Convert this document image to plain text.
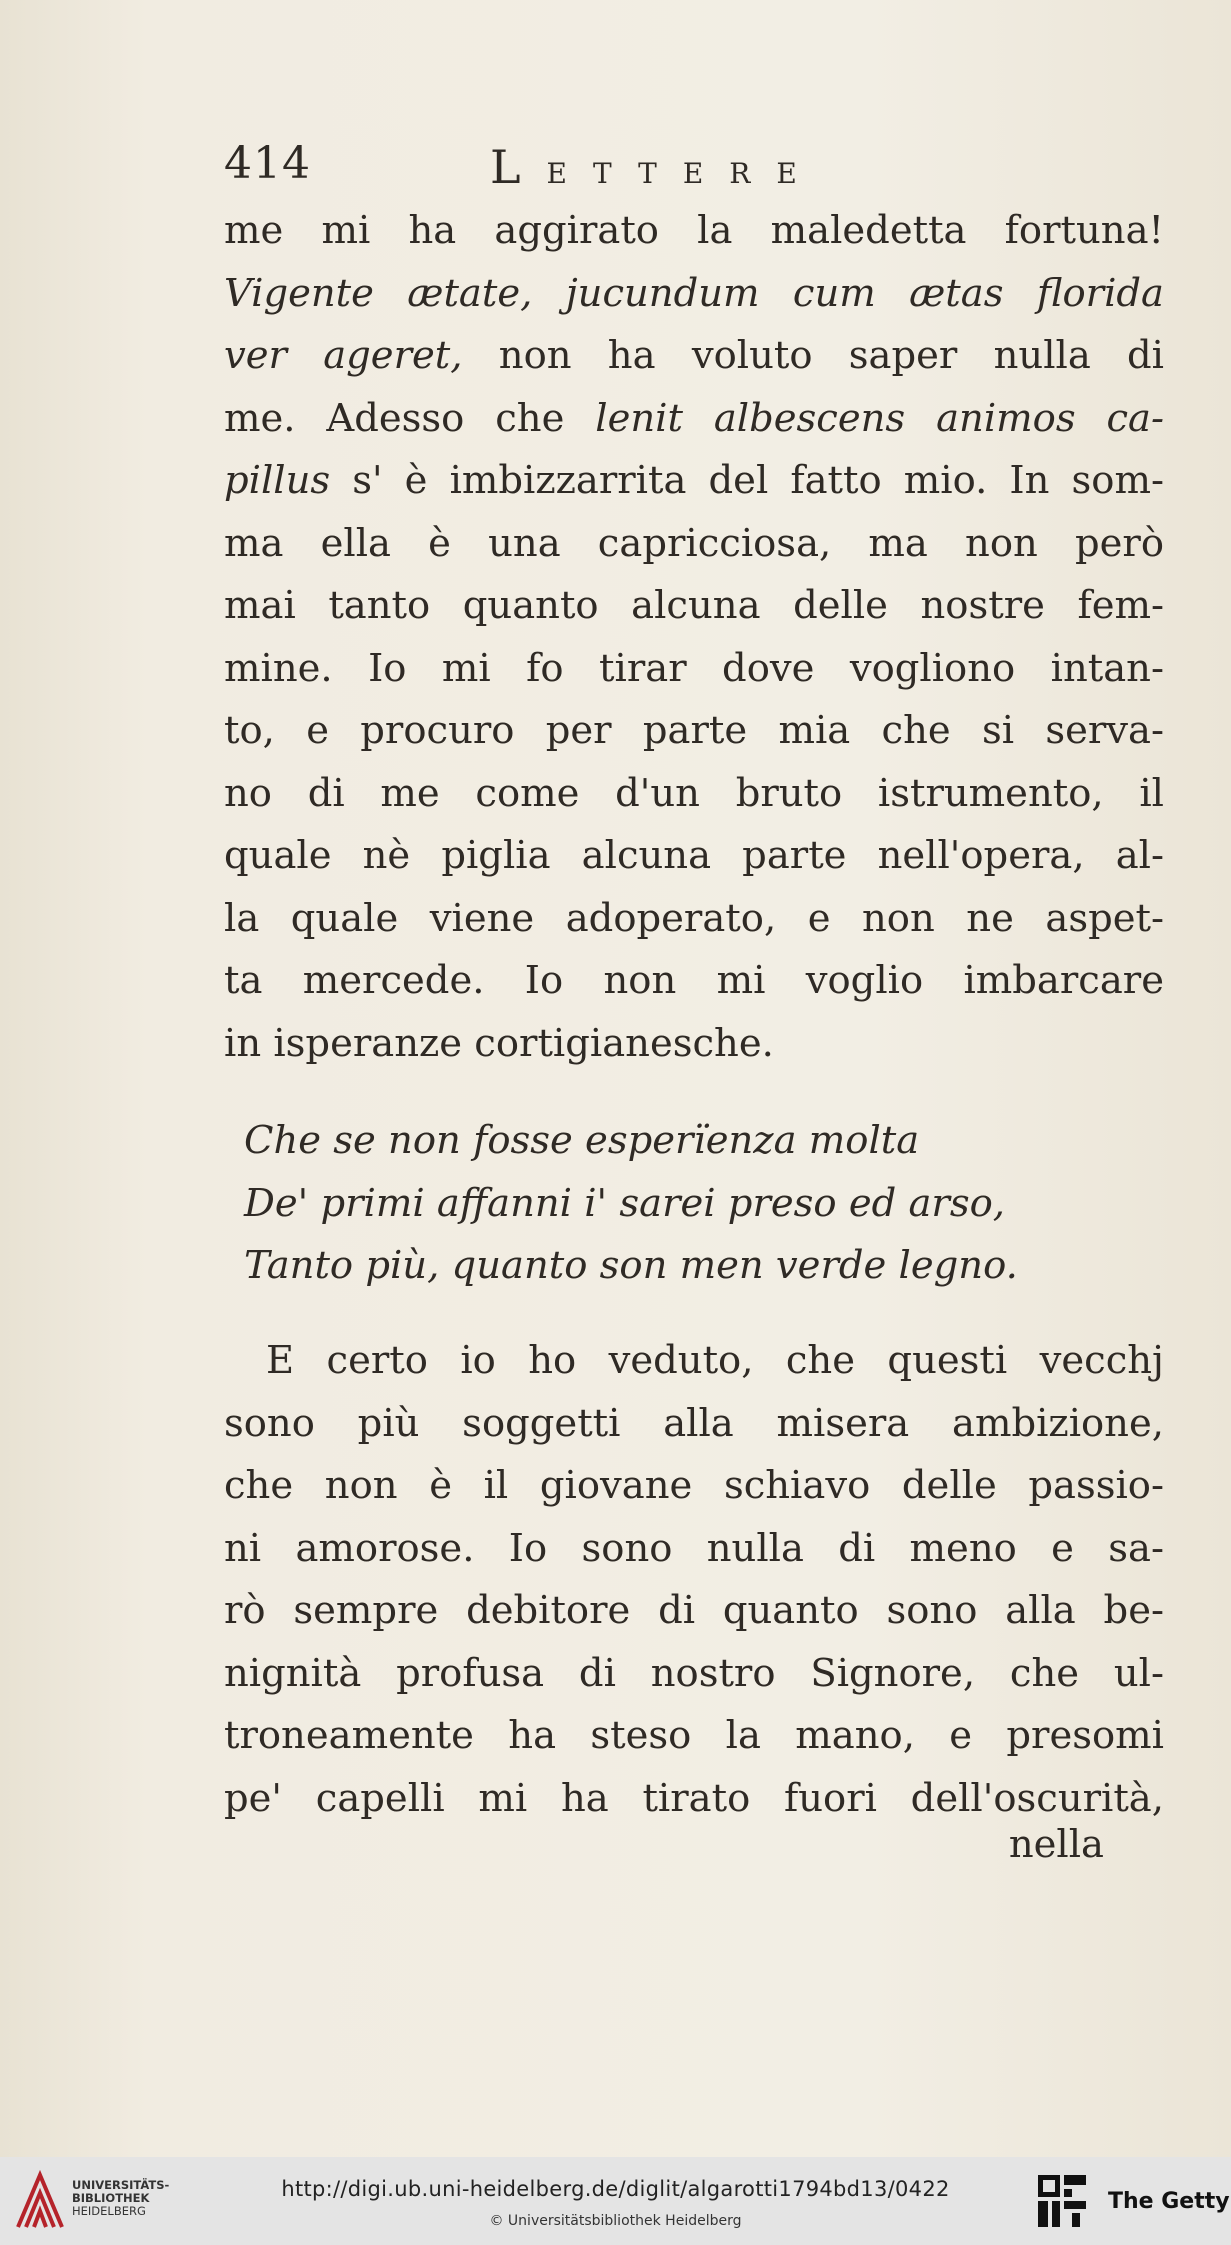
414	LETTERE
me mi ha aggirato la maledetta fortuna!
Vigente ætate, jucundum cum ætas florida
ver ageret, non ha voluto saper nulla di
me. Adesso che lenit albescens animos ca-
pillus s' è imbizzarrita del fatto mio. In som-
ma ella è una capricciosa, ma non però
mai tanto quanto alcuna delle nostre fem-
mine. Io mi fo tirar dove vogliono intan-
to, e procuro per parte mia che si serva-
no di me come d'un bruto istrumento, il
quale nè piglia alcuna parte nell'opera, al-
la quale viene adoperato, e non ne aspet-
ta mercede. Io non mi voglio imbarcare
in isperanze cortigianesche.
Che se non fosse esperïenza molta
De' primi affanni i' sarei preso ed arso,
Tanto più, quanto son men verde legno.
E certo io ho veduto, che questi vecchj
sono più soggetti alla misera ambizione,
che non è il giovane schiavo delle passio-
ni amorose. Io sono nulla di meno e sa-
rò sempre debitore di quanto sono alla be-
nignità profusa di nostro Signore, che ul-
troneamente ha steso la mano, e presomi
pe' capelli mi ha tirato fuori dell'oscurità,
nella
UNIVERSITÄTS-
BIBLIOTHEK
HEIDELBERG
http://digi.ub.uni-heidelberg.de/diglit/algarotti1794bd13/0422
© Universitätsbibliothek Heidelberg
The Getty
